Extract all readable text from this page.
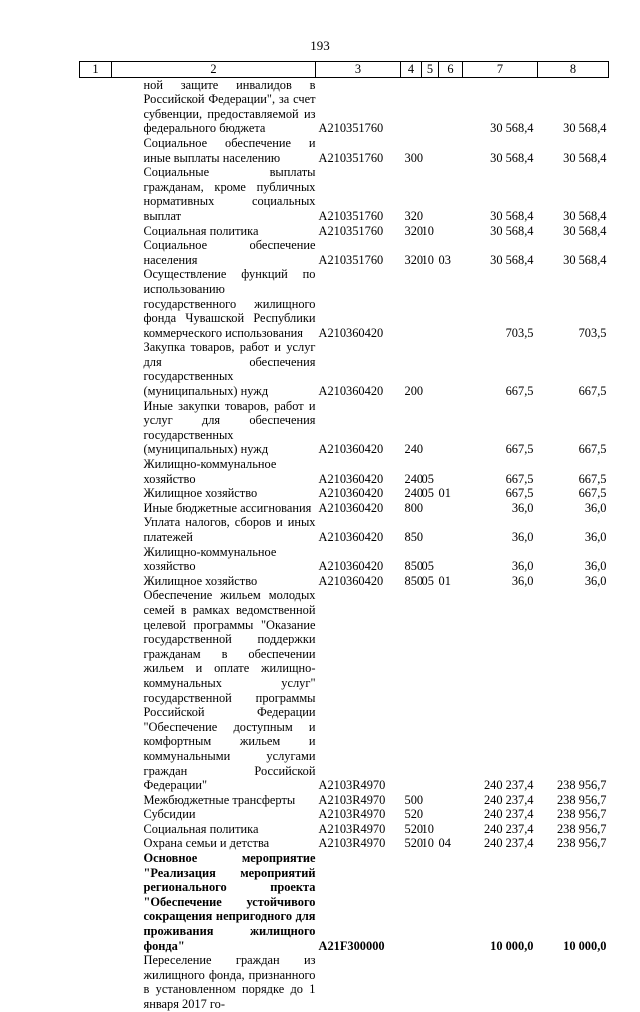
193
1	2	3	4	5	6	7	8
	ной защите инвалидов в Российской Федерации", за счет субвенции, предоставляемой из федерального бюджета	А210351760				30 568,4	30 568,4
	Социальное обеспечение и иные выплаты населению	А210351760	300			30 568,4	30 568,4
	Социальные выплаты гражданам, кроме публичных нормативных социальных выплат	А210351760	320			30 568,4	30 568,4
	Социальная политика	А210351760	320	10		30 568,4	30 568,4
	Социальное обеспечение населения	А210351760	320	10	03	30 568,4	30 568,4
	Осуществление функций по использованию государственного жилищного фонда Чувашской Республики коммерческого использования	А210360420				703,5	703,5
	Закупка товаров, работ и услуг для обеспечения государственных (муниципальных) нужд	А210360420	200			667,5	667,5
	Иные закупки товаров, работ и услуг для обеспечения государственных (муниципальных) нужд	А210360420	240			667,5	667,5
	Жилищно-коммунальное хозяйство	А210360420	240	05		667,5	667,5
	Жилищное хозяйство	А210360420	240	05	01	667,5	667,5
	Иные бюджетные ассигнования	А210360420	800			36,0	36,0
	Уплата налогов, сборов и иных платежей	А210360420	850			36,0	36,0
	Жилищно-коммунальное хозяйство	А210360420	850	05		36,0	36,0
	Жилищное хозяйство	А210360420	850	05	01	36,0	36,0
	Обеспечение жильем молодых семей в рамках ведомственной целевой программы "Оказание государственной поддержки гражданам в обеспечении жильем и оплате жилищно-коммунальных услуг" государственной программы Российской Федерации "Обеспечение доступным и комфортным жильем и коммунальными услугами граждан Российской Федерации"	А2103R4970				240 237,4	238 956,7
	Межбюджетные трансферты	А2103R4970	500			240 237,4	238 956,7
	Субсидии	А2103R4970	520			240 237,4	238 956,7
	Социальная политика	А2103R4970	520	10		240 237,4	238 956,7
	Охрана семьи и детства	А2103R4970	520	10	04	240 237,4	238 956,7
	Основное мероприятие "Реализация мероприятий регионального проекта "Обеспечение устойчивого сокращения непригодного для проживания жилищного фонда"	А21F300000				10 000,0	10 000,0
	Переселение граждан из жилищного фонда, признанного в установленном порядке до 1 января 2017 го-						
